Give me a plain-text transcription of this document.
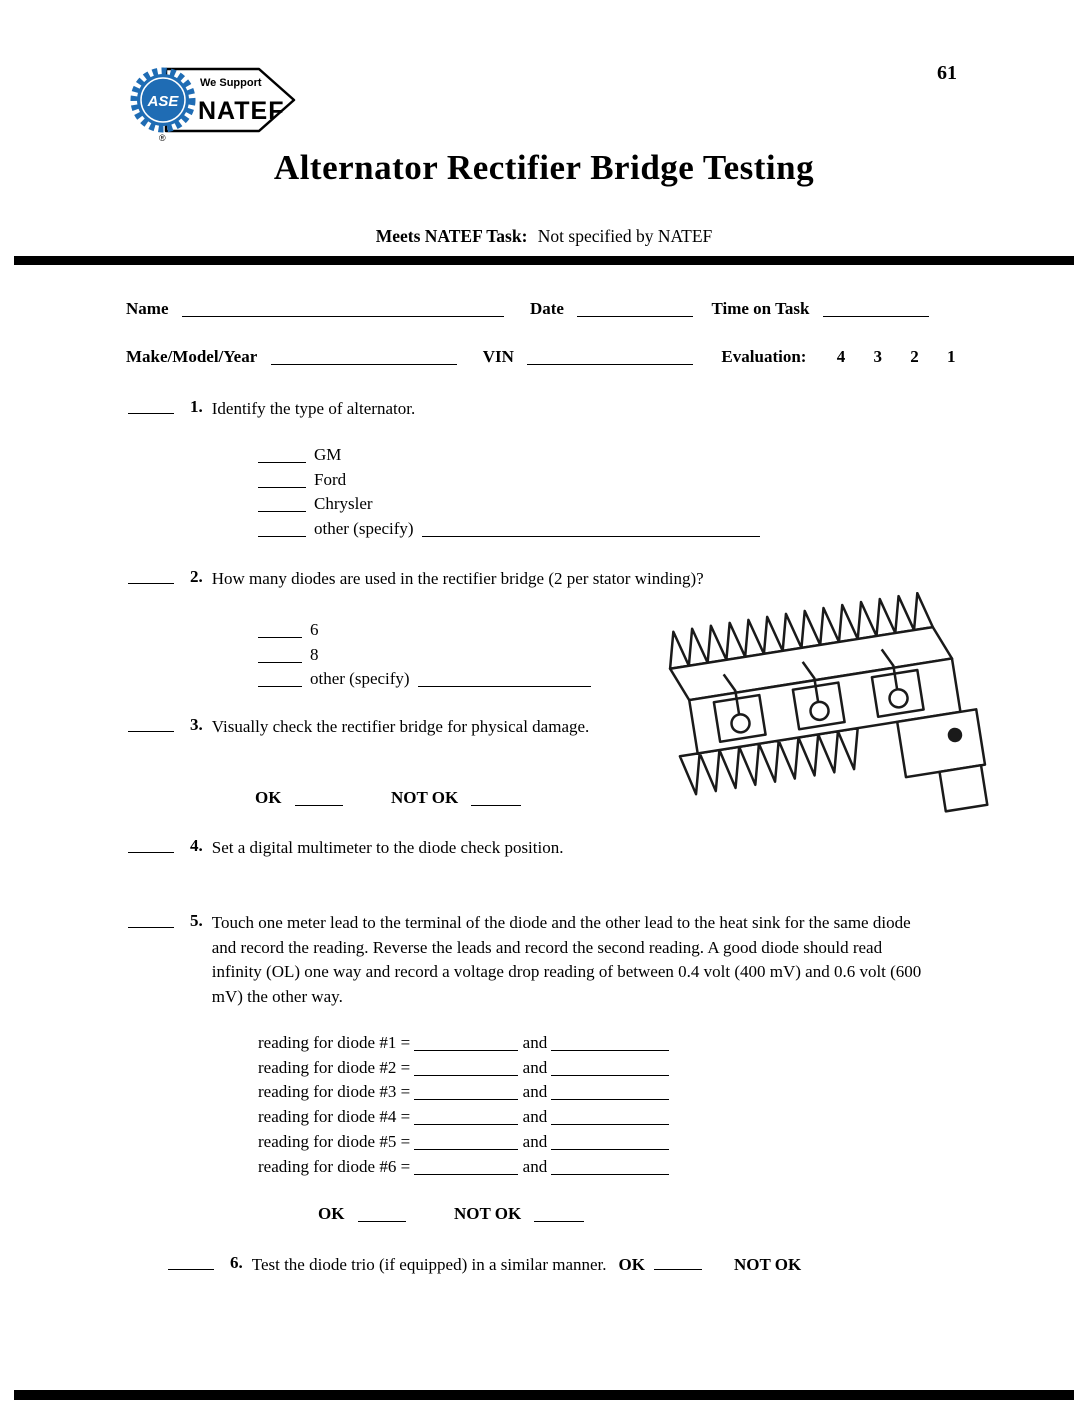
ASE
We Support
NATEF
®
61
Alternator Rectifier Bridge Testing
Meets NATEF Task: Not specified by NATEF
Name	Date	Time on Task
Make/Model/Year	VIN	Evaluation: 4 3 2 1
1. Identify the type of alternator.
GM
Ford
Chrysler
other (specify)
2. How many diodes are used in the rectifier bridge (2 per stator winding)?
6
8
other (specify)
3. Visually check the rectifier bridge for physical damage.
OK	NOT OK
4. Set a digital multimeter to the diode check position.
5. Touch one meter lead to the terminal of the diode and the other lead to the heat sink for the same diode and record the reading. Reverse the leads and record the second reading. A good diode should read infinity (OL) one way and record a voltage drop reading of between 0.4 volt (400 mV) and 0.6 volt (600 mV) the other way.
reading for diode #1 =	and
reading for diode #2 =	and
reading for diode #3 =	and
reading for diode #4 =	and
reading for diode #5 =	and
reading for diode #6 =	and
OK	NOT OK
6. Test the diode trio (if equipped) in a similar manner. OK	NOT OK
